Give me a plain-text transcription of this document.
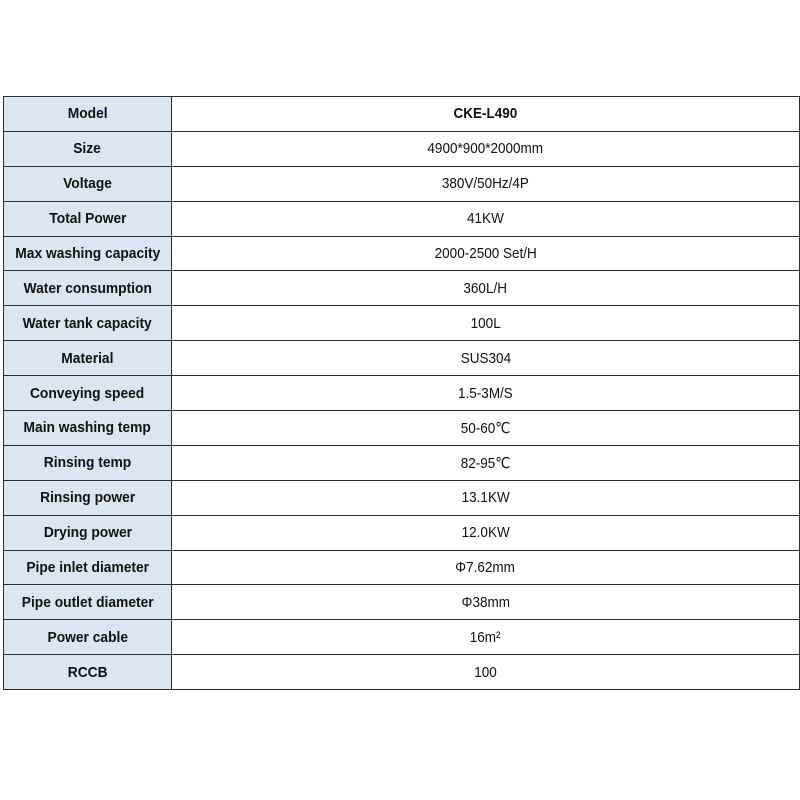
Model	CKE-L490
Size	4900*900*2000mm
Voltage	380V/50Hz/4P
Total Power	41KW
Max washing capacity	2000-2500 Set/H
Water consumption	360L/H
Water tank capacity	100L
Material	SUS304
Conveying speed	1.5-3M/S
Main washing temp	50-60℃
Rinsing temp	82-95℃
Rinsing power	13.1KW
Drying power	12.0KW
Pipe inlet diameter	Φ7.62mm
Pipe outlet diameter	Φ38mm
Power cable	16m²
RCCB	100
